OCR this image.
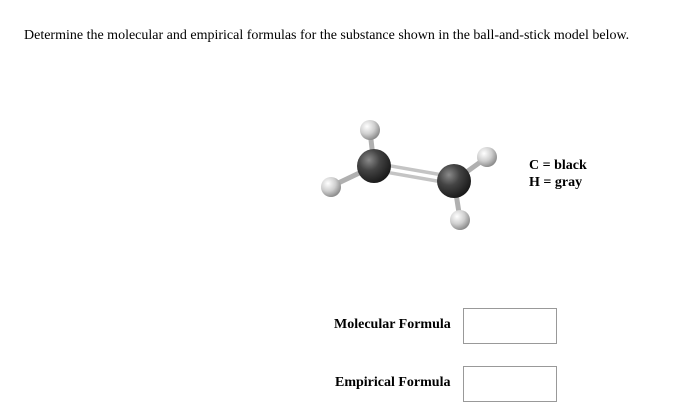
Determine the molecular and empirical formulas for the substance shown in the ball-and-stick model below.
C = black
H = gray
Molecular Formula
Empirical Formula
